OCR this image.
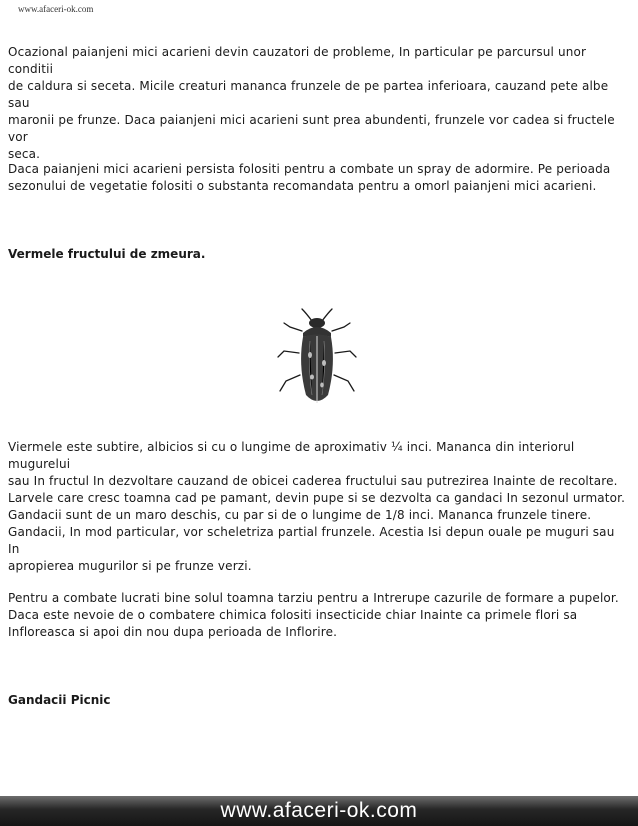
www.afaceri-ok.com

Ocazional paianjeni mici acarieni devin cauzatori de probleme, In particular pe parcursul unor conditii
de caldura si seceta. Micile creaturi mananca frunzele de pe partea inferioara, cauzand pete albe sau
maronii pe frunze. Daca paianjeni mici acarieni sunt prea abundenti, frunzele vor cadea si fructele vor
seca.

Daca paianjeni mici acarieni persista folositi pentru a combate un spray de adormire. Pe perioada
sezonului de vegetatie folositi o substanta recomandata pentru a omorl paianjeni mici acarieni.

Vermele fructului de zmeura.

Viermele este subtire, albicios si cu o lungime de aproximativ ¼ inci. Mananca din interiorul mugurelui
sau In fructul In dezvoltare cauzand de obicei caderea fructului sau putrezirea Inainte de recoltare.
Larvele care cresc toamna cad pe pamant, devin pupe si se dezvolta ca gandaci In sezonul urmator.
Gandacii sunt de un maro deschis, cu par si de o lungime de 1/8 inci. Mananca frunzele tinere.
Gandacii, In mod particular, vor scheletriza partial frunzele. Acestia Isi depun ouale pe muguri sau In
apropierea mugurilor si pe frunze verzi.

Pentru a combate lucrati bine solul toamna tarziu pentru a Intrerupe cazurile de formare a pupelor.
Daca este nevoie de o combatere chimica folositi insecticide chiar Inainte ca primele flori sa
Infloreasca si apoi din nou dupa perioada de Inflorire.

Gandacii Picnic
www.afaceri-ok.com
